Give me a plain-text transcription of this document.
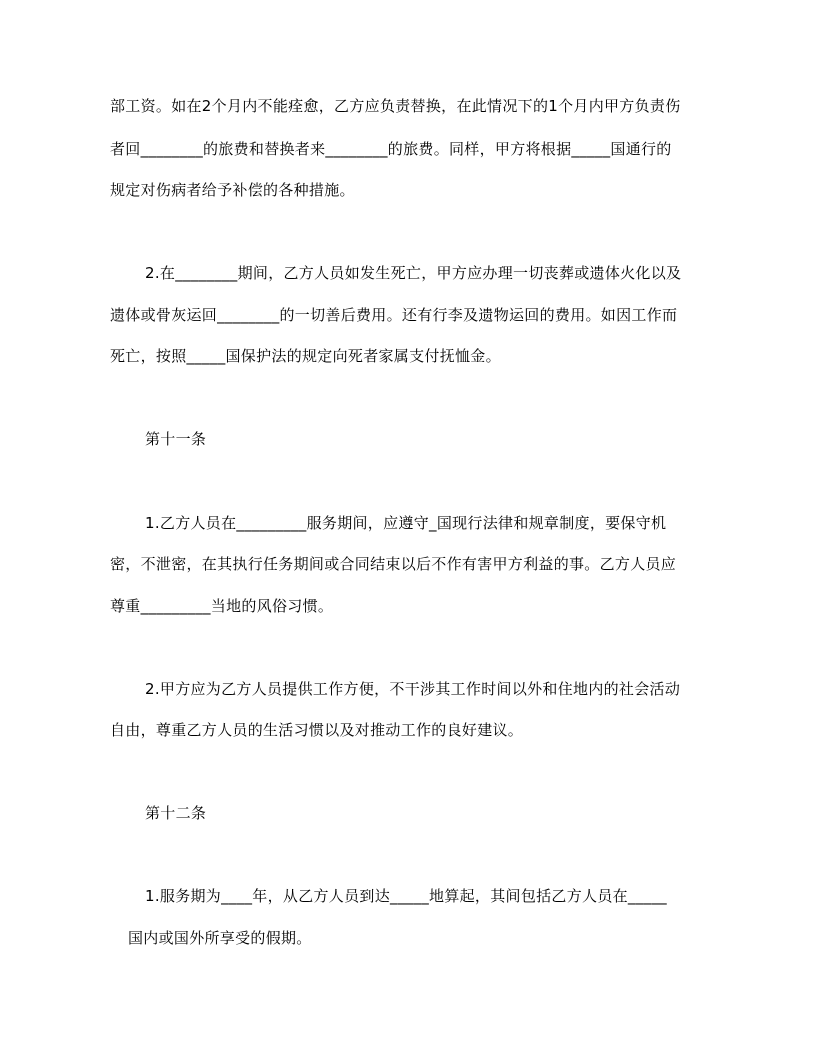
部工资。如在2个月内不能痊愈，乙方应负责替换，在此情况下的1个月内甲方负责伤
者回________的旅费和替换者来________的旅费。同样，甲方将根据_____国通行的
规定对伤病者给予补偿的各种措施。
2.在________期间，乙方人员如发生死亡，甲方应办理一切丧葬或遗体火化以及
遗体或骨灰运回________的一切善后费用。还有行李及遗物运回的费用。如因工作而
死亡，按照_____国保护法的规定向死者家属支付抚恤金。
第十一条
1.乙方人员在_________服务期间，应遵守_国现行法律和规章制度，要保守机
密，不泄密，在其执行任务期间或合同结束以后不作有害甲方利益的事。乙方人员应
尊重_________当地的风俗习惯。
2.甲方应为乙方人员提供工作方便，不干涉其工作时间以外和住地内的社会活动
自由，尊重乙方人员的生活习惯以及对推动工作的良好建议。
第十二条
1.服务期为____年，从乙方人员到达_____地算起，其间包括乙方人员在_____
国内或国外所享受的假期。
